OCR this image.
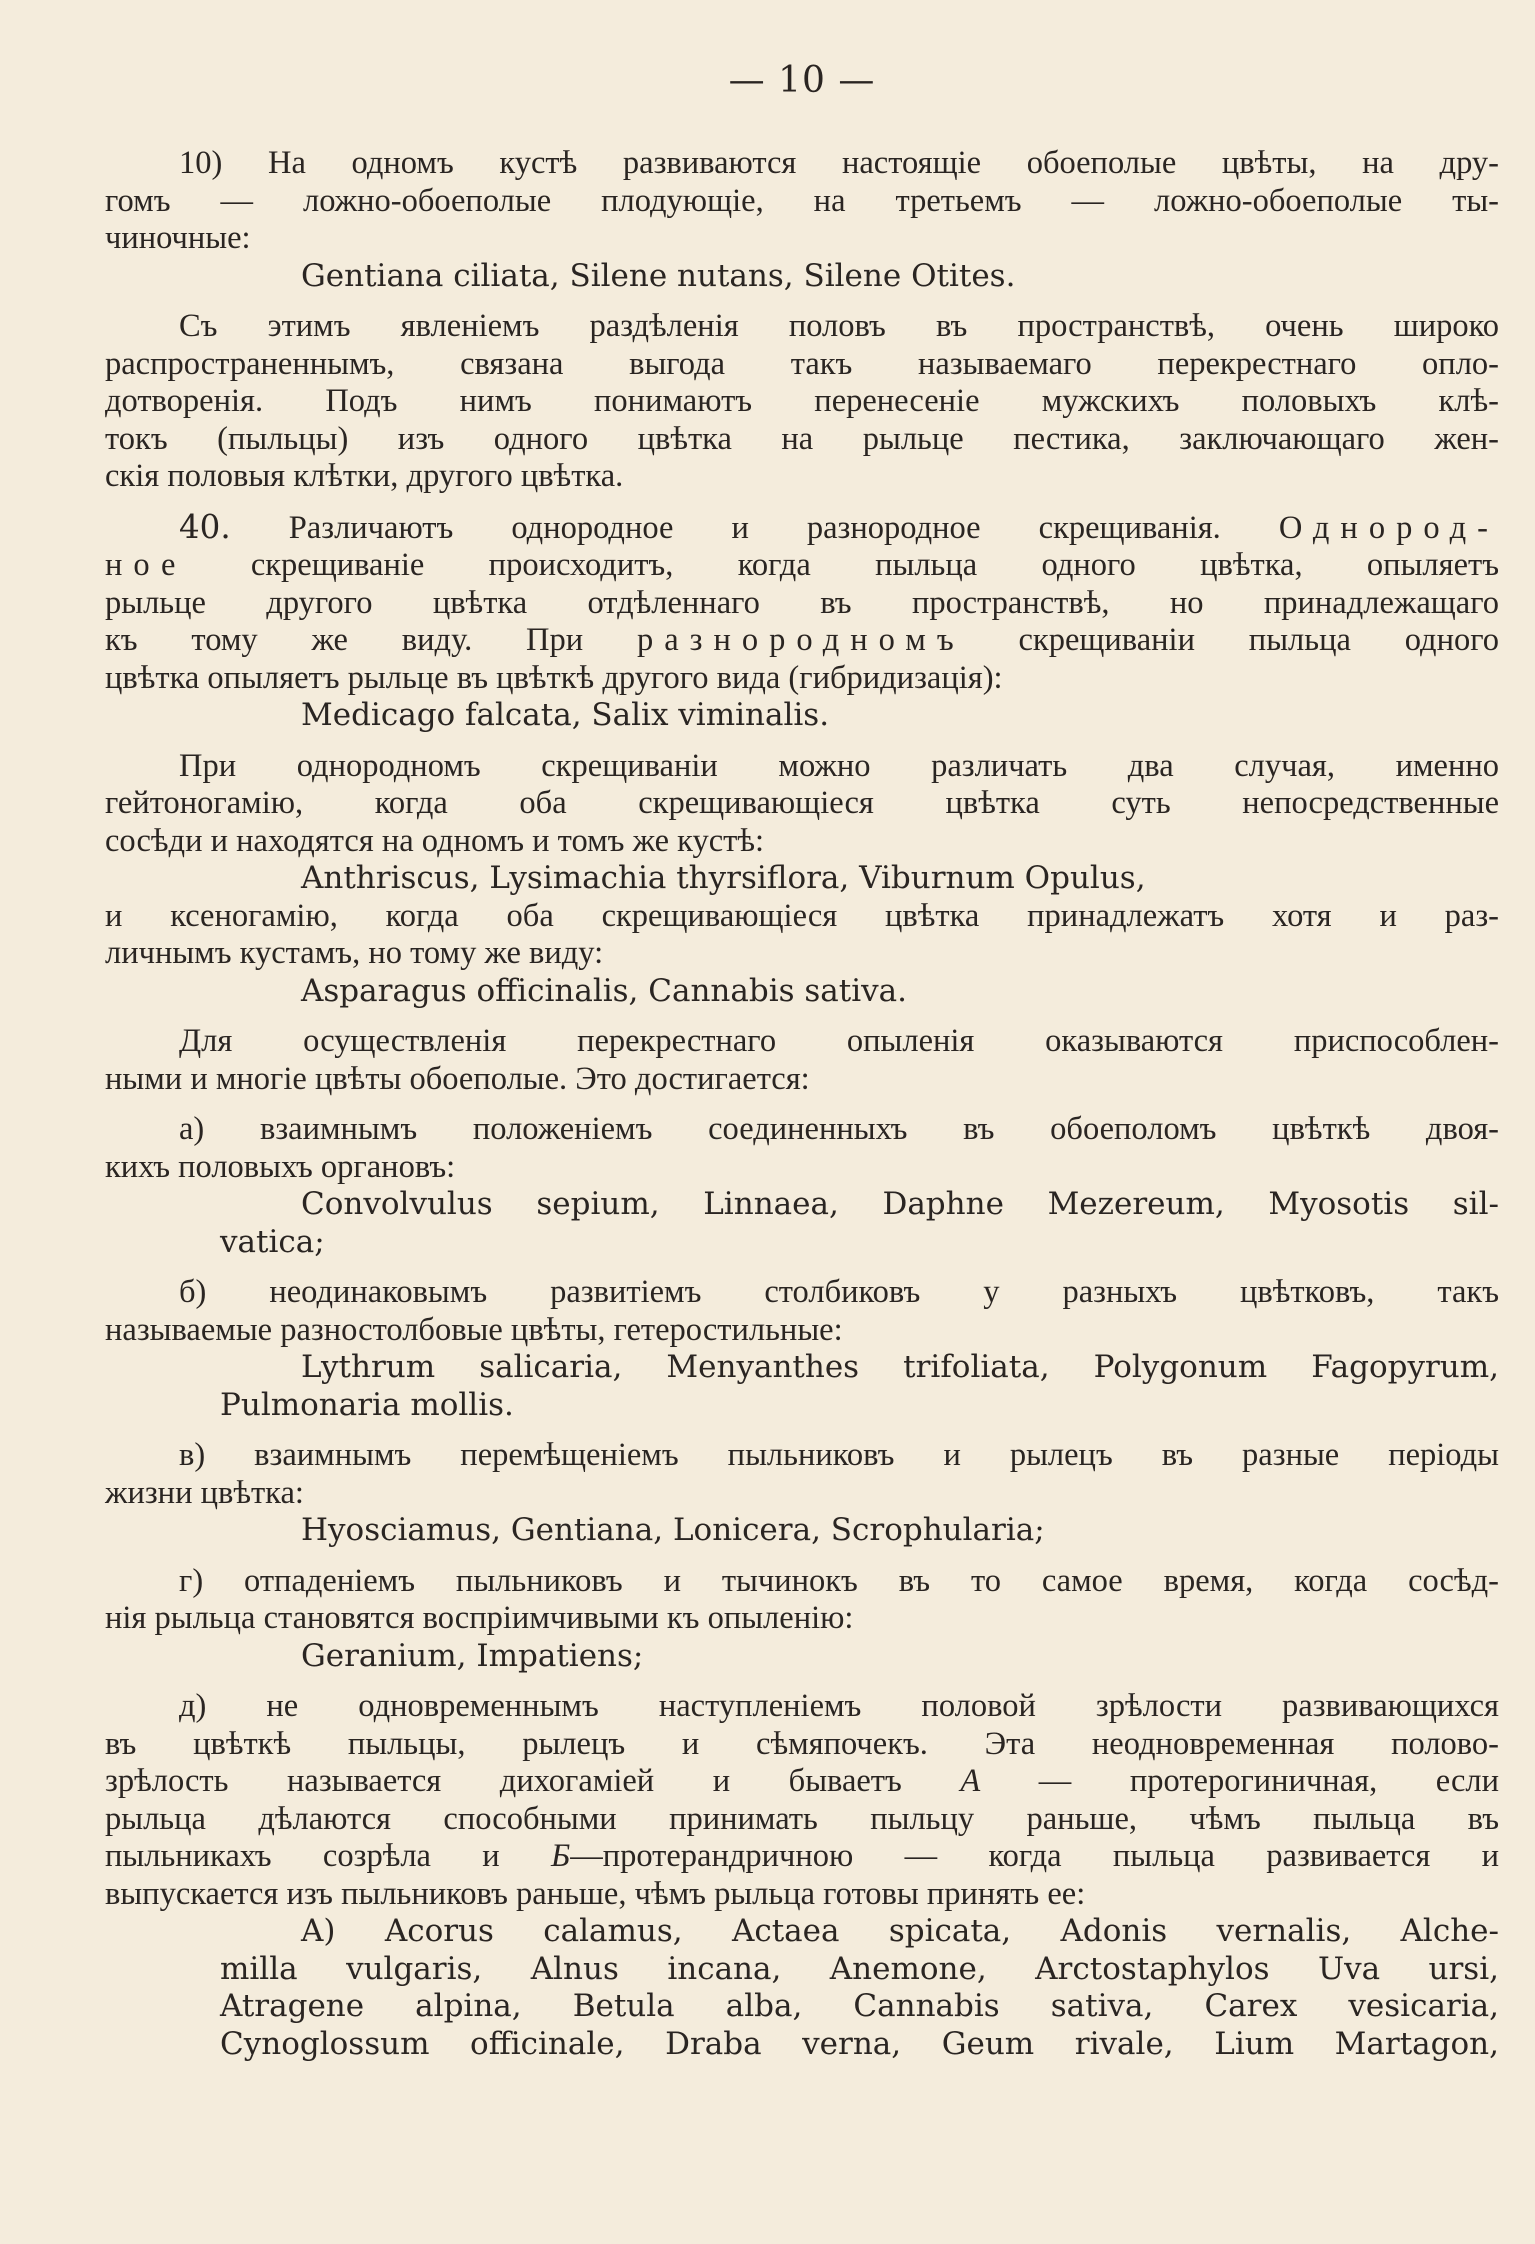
— 10 —

10) На одномъ кустѣ развиваются настоящіе обоеполые цвѣты, на дру-

гомъ — ложно-обоеполые плодующіе, на третьемъ — ложно-обоеполые ты-

чиночные:

Gentiana ciliata, Silene nutans, Silene Otites.

Съ этимъ явленіемъ раздѣленія половъ въ пространствѣ, очень широко

распространеннымъ, связана выгода такъ называемаго перекрестнаго опло-

дотворенія. Подъ нимъ понимаютъ перенесеніе мужскихъ половыхъ клѣ-

токъ (пыльцы) изъ одного цвѣтка на рыльце пестика, заключающаго жен-

скія половыя клѣтки, другого цвѣтка.

40. Различаютъ однородное и разнородное скрещиванія. Однород-

ное скрещиваніе происходитъ, когда пыльца одного цвѣтка, опыляетъ

рыльце другого цвѣтка отдѣленнаго въ пространствѣ, но принадлежащаго

къ тому же виду. При разнородномъ скрещиваніи пыльца одного

цвѣтка опыляетъ рыльце въ цвѣткѣ другого вида (гибридизація):

Medicago falcata, Salix viminalis.

При однородномъ скрещиваніи можно различать два случая, именно

гейтоногамію, когда оба скрещивающіеся цвѣтка суть непосредственные

сосѣди и находятся на одномъ и томъ же кустѣ:

Anthriscus, Lysimachia thyrsiflora, Viburnum Opulus,

и ксеногамію, когда оба скрещивающіеся цвѣтка принадлежатъ хотя и раз-

личнымъ кустамъ, но тому же виду:

Asparagus officinalis, Cannabis sativa.

Для осуществленія перекрестнаго опыленія оказываются приспособлен-

ными и многіе цвѣты обоеполые. Это достигается:

а) взаимнымъ положеніемъ соединенныхъ въ обоеполомъ цвѣткѣ двоя-

кихъ половыхъ органовъ:

Convolvulus sepium, Linnaea, Daphne Mezereum, Myosotis sil-

vatica;

б) неодинаковымъ развитіемъ столбиковъ у разныхъ цвѣтковъ, такъ

называемые разностолбовые цвѣты, гетеростильные:

Lythrum salicaria, Menyanthes trifoliata, Polygonum Fagopyrum,

Pulmonaria mollis.

в) взаимнымъ перемѣщеніемъ пыльниковъ и рылецъ въ разные періоды

жизни цвѣтка:

Hyosciamus, Gentiana, Lonicera, Scrophularia;

г) отпаденіемъ пыльниковъ и тычинокъ въ то самое время, когда сосѣд-

нія рыльца становятся воспріимчивыми къ опыленію:

Geranium, Impatiens;

д) не одновременнымъ наступленіемъ половой зрѣлости развивающихся

въ цвѣткѣ пыльцы, рылецъ и сѣмяпочекъ. Эта неодновременная полово-

зрѣлость называется дихогаміей и бываетъ А — протерогиничная, если

рыльца дѣлаются способными принимать пыльцу раньше, чѣмъ пыльца въ

пыльникахъ созрѣла и Б—протерандричною — когда пыльца развивается и

выпускается изъ пыльниковъ раньше, чѣмъ рыльца готовы принять ее:

A) Acorus calamus, Actaea spicata, Adonis vernalis, Alche-

milla vulgaris, Alnus incana, Anemone, Arctostaphylos Uva ursi,

Atragene alpina, Betula alba, Cannabis sativa, Carex vesicaria,

Cynoglossum officinale, Draba verna, Geum rivale, Lium Martagon,
